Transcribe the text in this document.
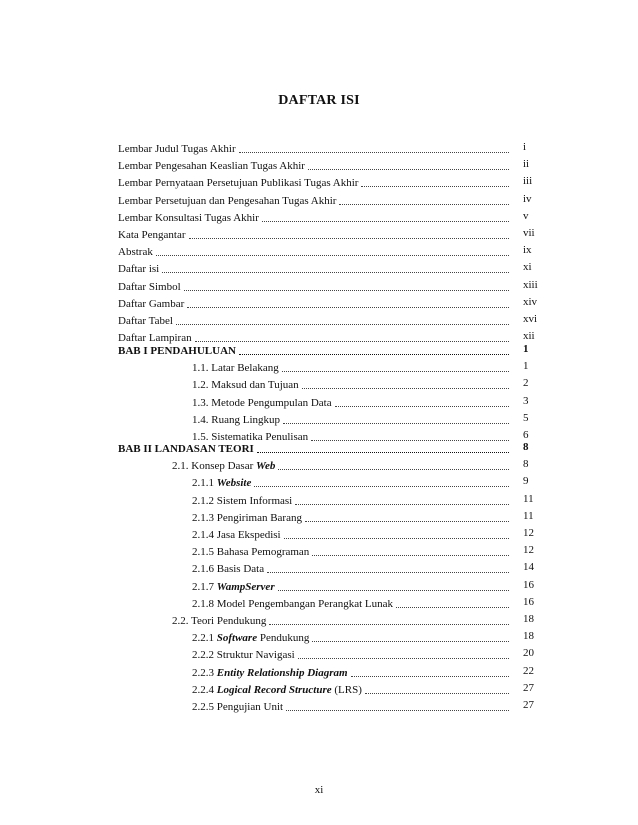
DAFTAR ISI
Lembar Judul Tugas Akhir	i
Lembar Pengesahan Keaslian Tugas Akhir	ii
Lembar Pernyataan Persetujuan Publikasi Tugas Akhir	iii
Lembar Persetujuan dan Pengesahan Tugas Akhir	iv
Lembar Konsultasi Tugas Akhir	v
Kata Pengantar	vii
Abstrak	ix
Daftar isi	xi
Daftar Simbol	xiii
Daftar Gambar	xiv
Daftar Tabel	xvi
Daftar Lampiran	xii
BAB I PENDAHULUAN	1
1.1. Latar Belakang	1
1.2. Maksud dan Tujuan	2
1.3. Metode Pengumpulan Data	3
1.4. Ruang Lingkup	5
1.5. Sistematika Penulisan	6
BAB II LANDASAN TEORI	8
2.1. Konsep Dasar Web	8
2.1.1 Website	9
2.1.2 Sistem Informasi	11
2.1.3 Pengiriman Barang	11
2.1.4 Jasa Ekspedisi	12
2.1.5 Bahasa Pemograman	12
2.1.6 Basis Data	14
2.1.7 WampServer	16
2.1.8 Model Pengembangan Perangkat Lunak	16
2.2. Teori Pendukung	18
2.2.1 Software Pendukung	18
2.2.2 Struktur Navigasi	20
2.2.3 Entity Relationship Diagram	22
2.2.4 Logical Record Structure (LRS)	27
2.2.5 Pengujian Unit	27
xi
